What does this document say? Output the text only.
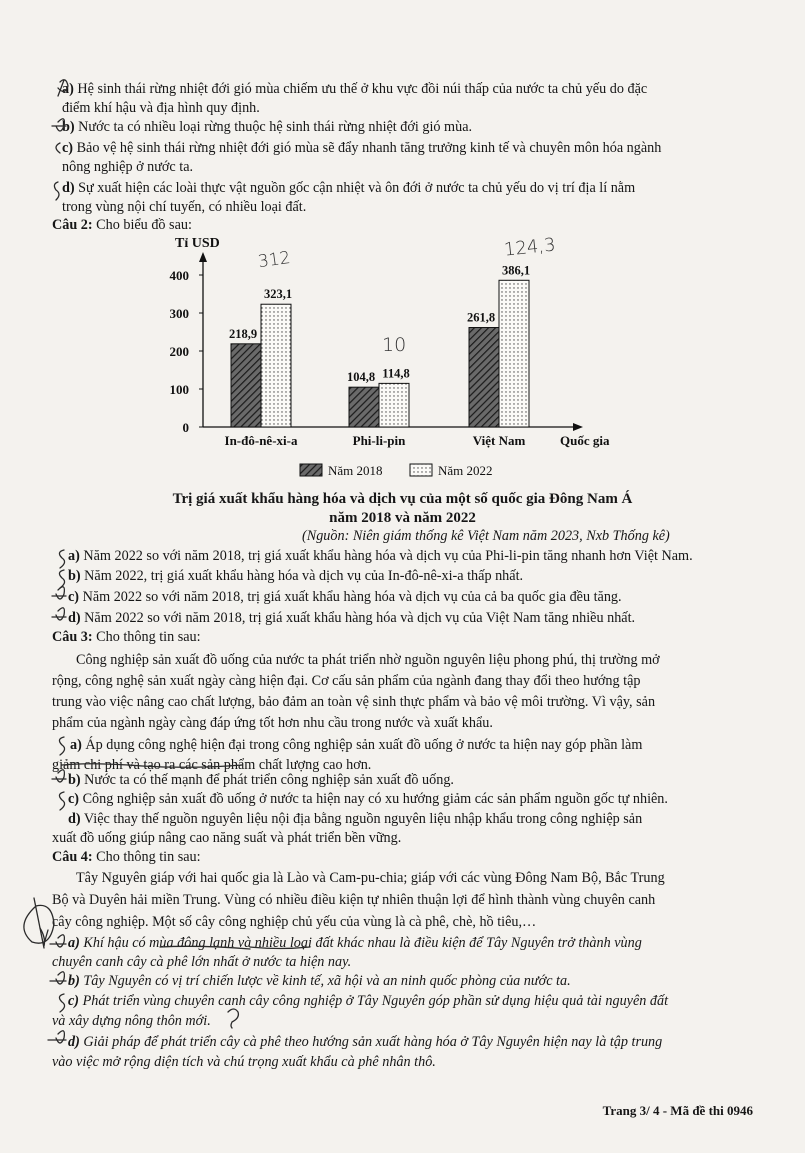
a) Hệ sinh thái rừng nhiệt đới gió mùa chiếm ưu thế ở khu vực đồi núi thấp của nước ta chủ yếu do đặc
điểm khí hậu và địa hình quy định.
b) Nước ta có nhiều loại rừng thuộc hệ sinh thái rừng nhiệt đới gió mùa.
c) Bảo vệ hệ sinh thái rừng nhiệt đới gió mùa sẽ đẩy nhanh tăng trưởng kinh tế và chuyên môn hóa ngành
nông nghiệp ở nước ta.
d) Sự xuất hiện các loài thực vật nguồn gốc cận nhiệt và ôn đới ở nước ta chủ yếu do vị trí địa lí nằm
trong vùng nội chí tuyến, có nhiều loại đất.
Câu 2: Cho biểu đồ sau:
Tỉ USD
Quốc gia
0
100
200
300
400
218,9
323,1
In-đô-nê-xi-a
104,8 114,8
Phi-li-pin
261,8
386,1
Việt Nam
Năm 2018	Năm 2022
Trị giá xuất khẩu hàng hóa và dịch vụ của một số quốc gia Đông Nam Á
năm 2018 và năm 2022
(Nguồn: Niên giám thống kê Việt Nam năm 2023, Nxb Thống kê)
a) Năm 2022 so với năm 2018, trị giá xuất khẩu hàng hóa và dịch vụ của Phi-li-pin tăng nhanh hơn Việt Nam.
b) Năm 2022, trị giá xuất khẩu hàng hóa và dịch vụ của In-đô-nê-xi-a thấp nhất.
c) Năm 2022 so với năm 2018, trị giá xuất khẩu hàng hóa và dịch vụ của cả ba quốc gia đều tăng.
d) Năm 2022 so với năm 2018, trị giá xuất khẩu hàng hóa và dịch vụ của Việt Nam tăng nhiều nhất.
Câu 3: Cho thông tin sau:
Công nghiệp sản xuất đồ uống của nước ta phát triển nhờ nguồn nguyên liệu phong phú, thị trường mở
rộng, công nghệ sản xuất ngày càng hiện đại. Cơ cấu sản phẩm của ngành đang thay đổi theo hướng tập
trung vào việc nâng cao chất lượng, bảo đảm an toàn vệ sinh thực phẩm và bảo vệ môi trường. Vì vậy, sản
phẩm của ngành ngày càng đáp ứng tốt hơn nhu cầu trong nước và xuất khẩu.
a) Áp dụng công nghệ hiện đại trong công nghiệp sản xuất đồ uống ở nước ta hiện nay góp phần làm
giảm chi phí và tạo ra các sản phẩm chất lượng cao hơn.
b) Nước ta có thế mạnh để phát triển công nghiệp sản xuất đồ uống.
c) Công nghiệp sản xuất đồ uống ở nước ta hiện nay có xu hướng giảm các sản phẩm nguồn gốc tự nhiên.
d) Việc thay thế nguồn nguyên liệu nội địa bằng nguồn nguyên liệu nhập khẩu trong công nghiệp sản
xuất đồ uống giúp nâng cao năng suất và phát triển bền vững.
Câu 4: Cho thông tin sau:
Tây Nguyên giáp với hai quốc gia là Lào và Cam-pu-chia; giáp với các vùng Đông Nam Bộ, Bắc Trung
Bộ và Duyên hải miền Trung. Vùng có nhiều điều kiện tự nhiên thuận lợi để hình thành vùng chuyên canh
cây công nghiệp. Một số cây công nghiệp chủ yếu của vùng là cà phê, chè, hồ tiêu,…
a) Khí hậu có mùa đông lạnh và nhiều loại đất khác nhau là điều kiện để Tây Nguyên trở thành vùng
chuyên canh cây cà phê lớn nhất ở nước ta hiện nay.
b) Tây Nguyên có vị trí chiến lược về kinh tế, xã hội và an ninh quốc phòng của nước ta.
c) Phát triển vùng chuyên canh cây công nghiệp ở Tây Nguyên góp phần sử dụng hiệu quả tài nguyên đất
và xây dựng nông thôn mới.
d) Giải pháp để phát triển cây cà phê theo hướng sản xuất hàng hóa ở Tây Nguyên hiện nay là tập trung
vào việc mở rộng diện tích và chú trọng xuất khẩu cà phê nhân thô.
312
10
124,3
Trang 3/ 4 - Mã đề thi 0946
